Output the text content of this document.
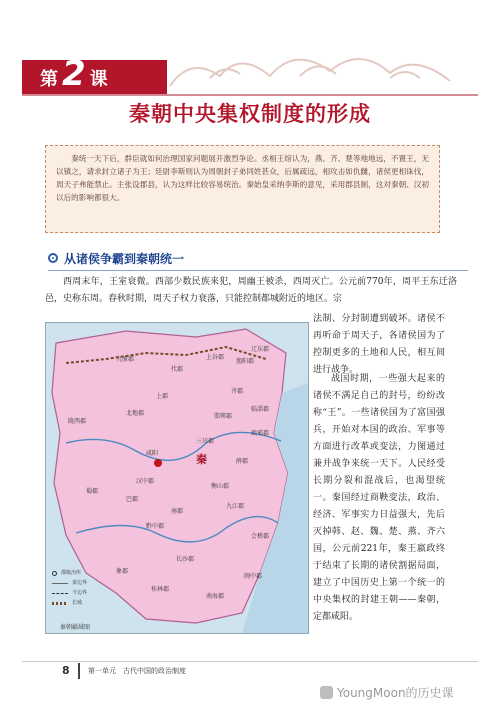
第 2 课
秦朝中央集权制度的形成
秦统一天下后，群臣就如何治理国家问题展开激烈争论。丞相王绾认为，燕、齐、楚等地地远，不置王，无以镇之，请求封立诸子为王；廷尉李斯则认为周朝封子弟同姓甚众，后属疏远，相攻击如仇雠，诸侯更相诛伐，周天子弗能禁止。主张设郡县，认为这样比较容易统治。秦始皇采纳李斯的意见，采用郡县制，这对秦朝、汉初以后的影响都很大。
从诸侯争霸到秦朝统一
西周末年，王室衰微。西部少数民族来犯，周幽王被杀，西周灭亡。公元前770年，周平王东迁洛邑，史称东周。春秋时期，周天子权力衰落，只能控制都城附近的地区。宗
法制、分封制遭到破坏。诸侯不再听命于周天子，各诸侯国为了控制更多的土地和人民，相互间进行战争。
战国时期，一些强大起来的诸侯不满足自己的封号，纷纷改称“王”。一些诸侯国为了富国强兵，开始对本国的政治、军事等方面进行改革或变法，力图通过兼并战争来统一天下。人民经受长期分裂和混战后，也渴望统一。秦国经过商鞅变法，政治、经济、军事实力日益强大，先后灭掉韩、赵、魏、楚、燕、齐六国，公元前221年，秦王嬴政终于结束了长期的诸侯割据局面，建立了中国历史上第一个统一的中央集权的封建王朝——秦朝，定都咸阳。
咸阳	秦
辽东郡
九原郡
代郡
上谷郡
渔阳郡
陇西郡
北地郡
上郡
三川郡
邯郸郡
蜀郡
巴郡
南郡
汉中郡
黔中郡
长沙郡
九江郡
会稽郡
闽中郡
南海郡
桂林郡
象郡
琅邪郡
薛郡
临淄郡
衡山郡
齐郡
郡级治所
秦边界
今边界
长城
秦朝疆域图
8	第一单元　古代中国的政治制度
YoungMoon的历史课
